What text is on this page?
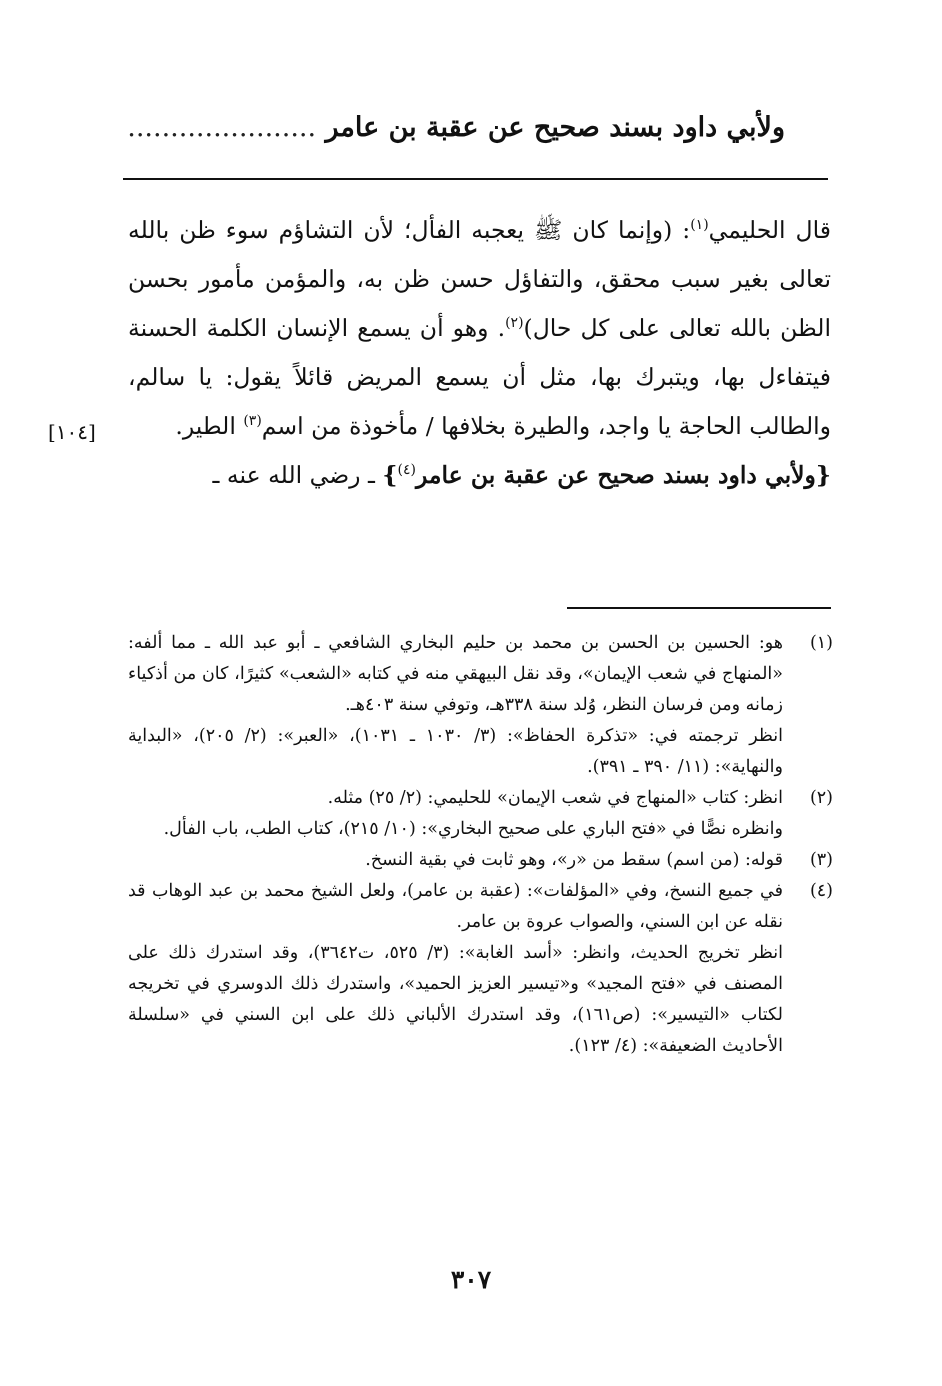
ولأبي داود بسند صحيح عن عقبة بن عامر ......................

قال الحليمي$^{(١)}$: (وإنما كان ﷺ يعجبه الفأل؛ لأن التشاؤم سوء ظن بالله تعالى بغير سبب محقق، والتفاؤل حسن ظن به، والمؤمن مأمور بحسن الظن بالله تعالى على كل حال)$^{(٢)}$. وهو أن يسمع الإنسان الكلمة الحسنة فيتفاءل بها، ويتبرك بها، مثل أن يسمع المريض قائلاً يقول: يا سالم، والطالب الحاجة يا واجد، والطيرة بخلافها / مأخوذة من اسم$^{(٣)}$ الطير.

{ولأبي داود بسند صحيح عن عقبة بن عامر$^{(٤)}$} ـ رضي الله عنه ـ

[١٠٤]
(١)

هو: الحسين بن الحسن بن محمد بن حليم البخاري الشافعي ـ أبو عبد الله ـ مما ألفه: «المنهاج في شعب الإيمان»، وقد نقل البيهقي منه في كتابه «الشعب» كثيرًا، كان من أذكياء زمانه ومن فرسان النظر، وُلد سنة ٣٣٨هـ، وتوفي سنة ٤٠٣هـ.

انظر ترجمته في: «تذكرة الحفاظ»: (٣/ ١٠٣٠ ـ ١٠٣١)، «العبر»: (٢/ ٢٠٥)، «البداية والنهاية»: (١١/ ٣٩٠ ـ ٣٩١).

(٢)

انظر: كتاب «المنهاج في شعب الإيمان» للحليمي: (٢/ ٢٥) مثله.

وانظره نصًّا في «فتح الباري على صحيح البخاري»: (١٠/ ٢١٥)، كتاب الطب، باب الفأل.

(٣)

قوله: (من اسم) سقط من «ر»، وهو ثابت في بقية النسخ.

(٤)

في جميع النسخ، وفي «المؤلفات»: (عقبة بن عامر)، ولعل الشيخ محمد بن عبد الوهاب قد نقله عن ابن السني، والصواب عروة بن عامر.

انظر تخريج الحديث، وانظر: «أسد الغابة»: (٣/ ٥٢٥، ت٣٦٤٢)، وقد استدرك ذلك على المصنف في «فتح المجيد» و«تيسير العزيز الحميد»، واستدرك ذلك الدوسري في تخريجه لكتاب «التيسير»: (ص١٦١)، وقد استدرك الألباني ذلك على ابن السني في «سلسلة الأحاديث الضعيفة»: (٤/ ١٢٣).

٣٠٧
